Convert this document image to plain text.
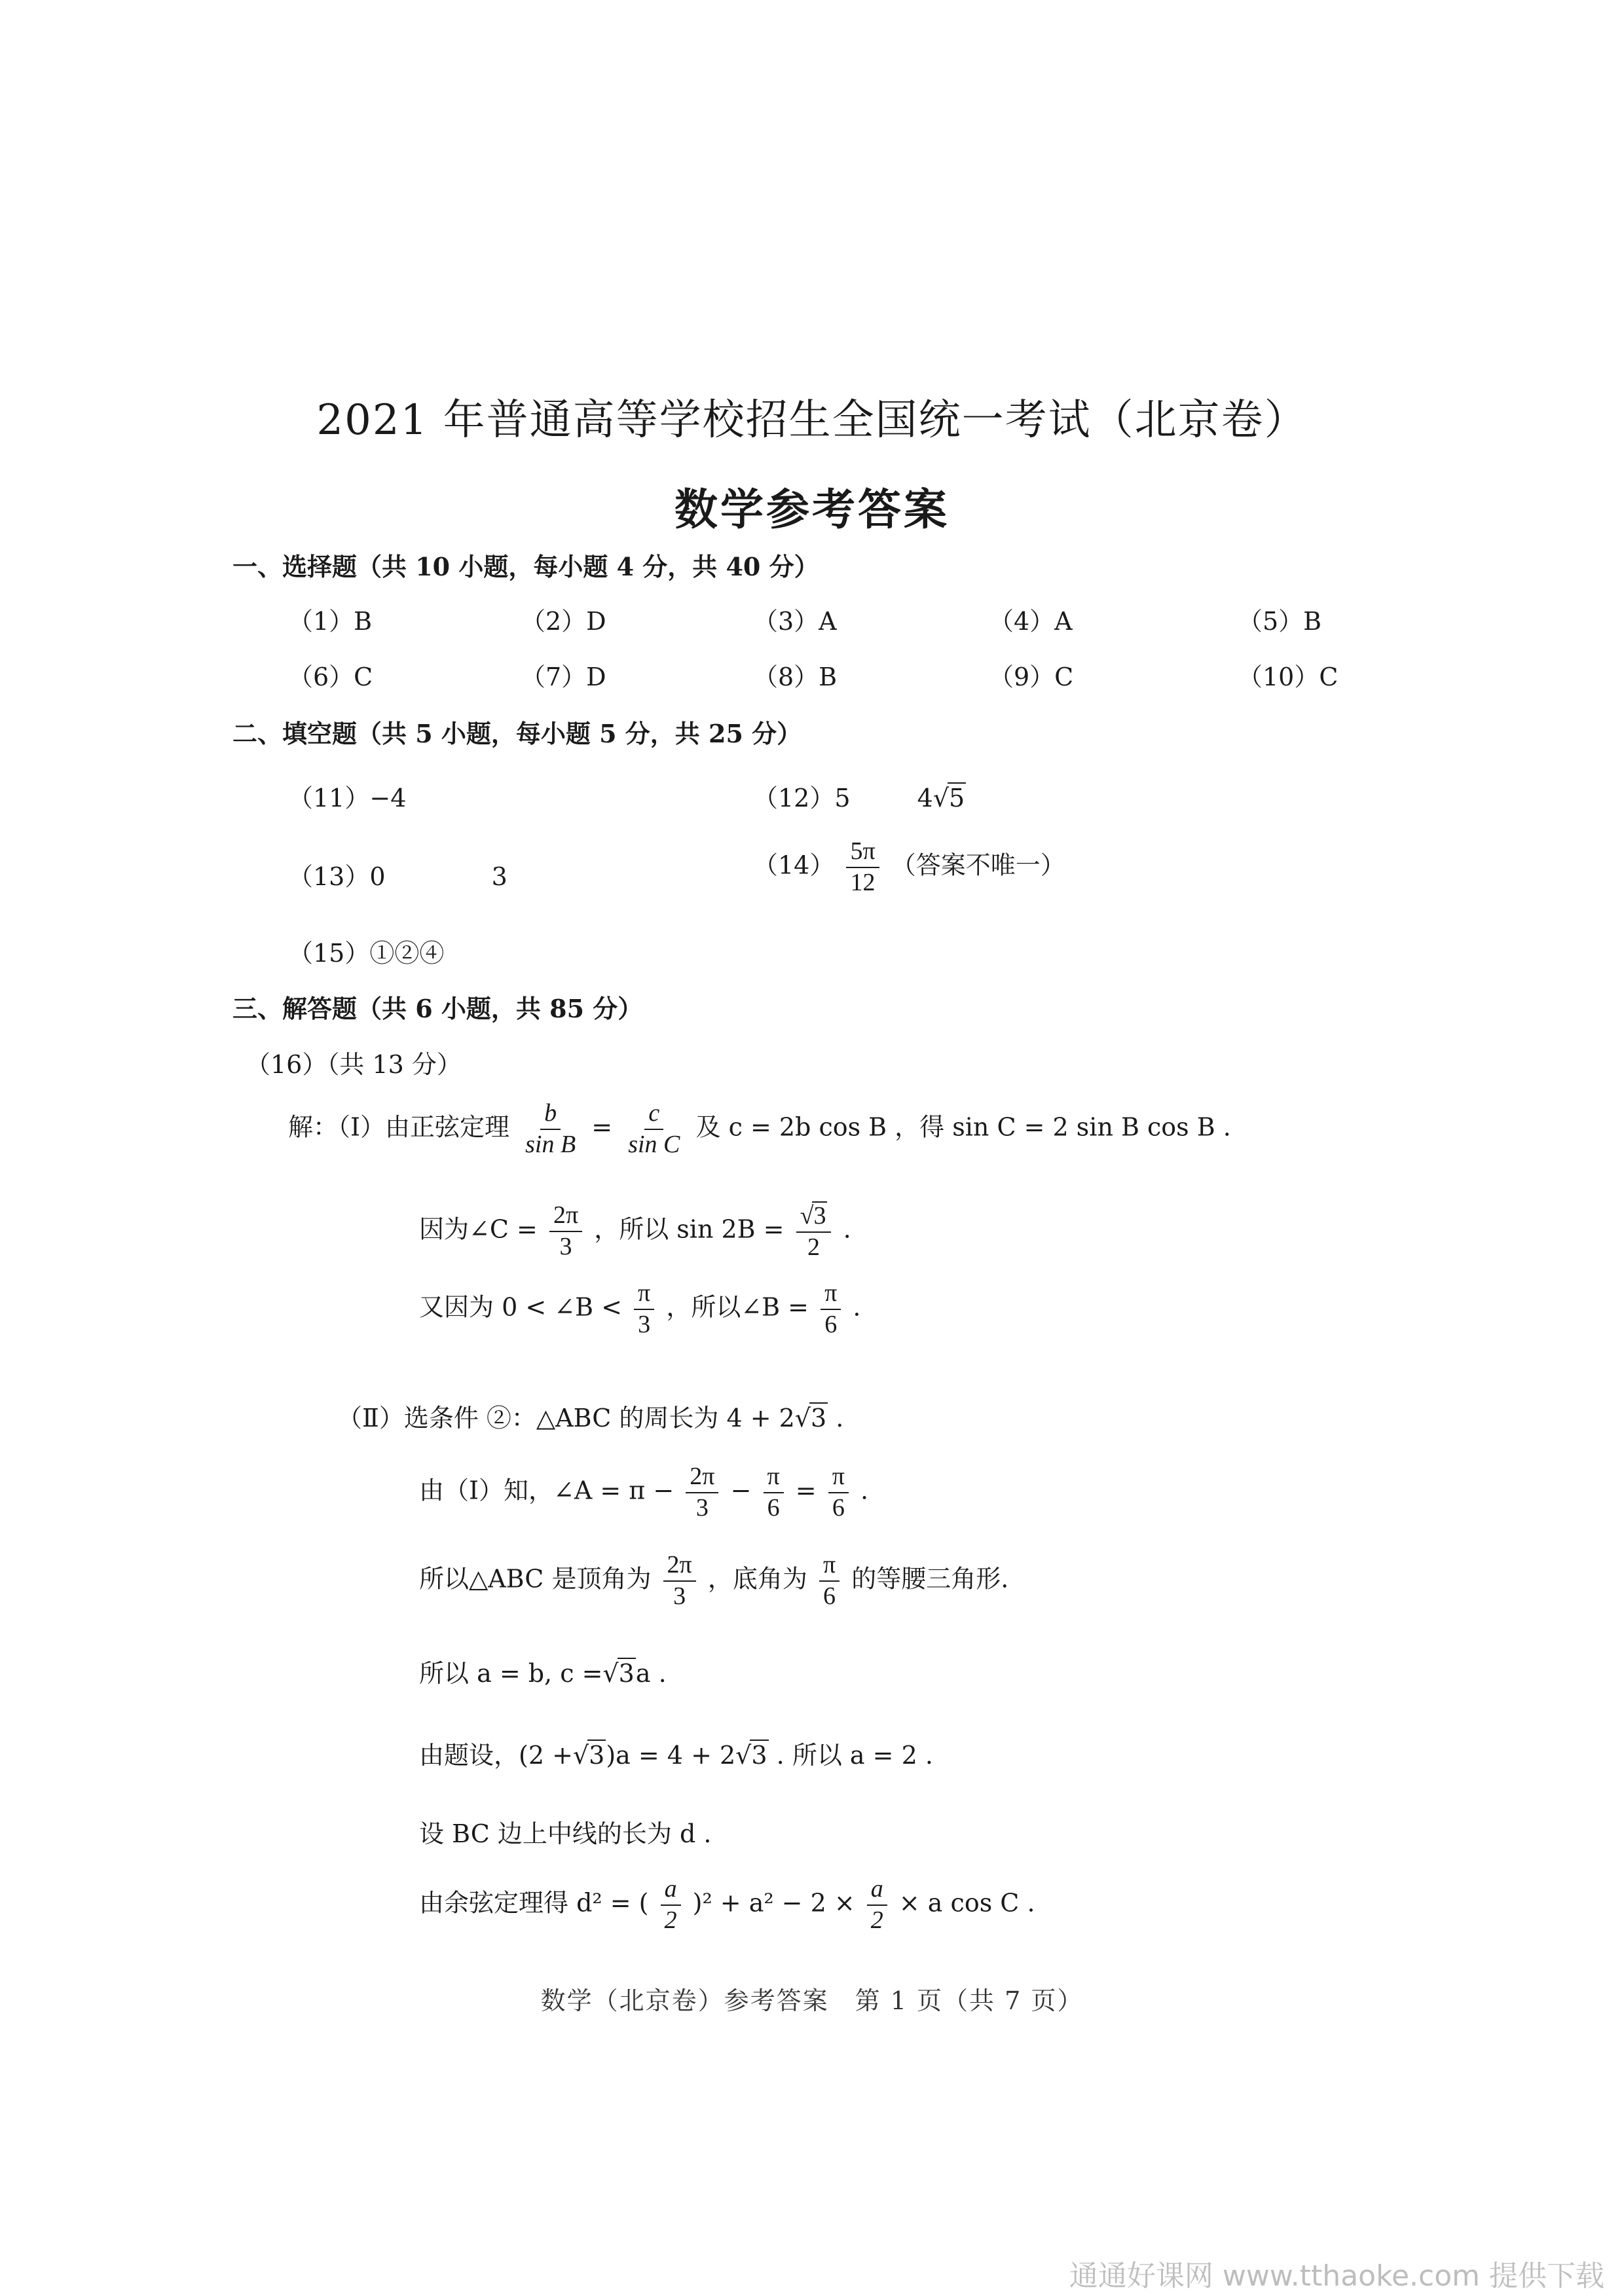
2021 年普通高等学校招生全国统一考试（北京卷）
数学参考答案
一、选择题（共 10 小题，每小题 4 分，共 40 分）
（1）B	（2）D	（3）A	（4）A	（5）B
（6）C	（7）D	（8）B	（9）C	（10）C
二、填空题（共 5 小题，每小题 5 分，共 25 分）
（11）−4	（12）5	4√5
（13）0	3	$(14) \frac{5\pi}{12}$ （答案不唯一）
（15）①②④
三、解答题（共 6 小题，共 85 分）
（16）（共 13 分）
解：（Ⅰ）由正弦定理 $\frac{b}{\text{sin B}} = \frac{c}{\text{sin C}}$ 及 c = 2b cos B ，得 sin C = 2 sin B cos B .
因为∠C = $\frac{2\pi}{3}$ ，所以 $\sin 2B = \frac{√3}{2}$ .
又因为 0 < ∠B < $\frac{\pi}{3}$ ，所以∠B = $\frac{\pi}{6}$ .
（Ⅱ）选条件 ②：△ABC 的周长为 4 + 2√3 .
由（Ⅰ）知，∠A = $\pi - \frac{2\pi}{3} - \frac{\pi}{6} = \frac{\pi}{6}$ .
所以△ABC 是顶角为 $\frac{2\pi}{3}$ ，底角为 $\frac{\pi}{6}$ 的等腰三角形.
所以 a = b, c =√3a .
由题设，(2 +√3)a = 4 + 2√3 . 所以 a = 2 .
设 BC 边上中线的长为 d .
由余弦定理得 d² = ( $\frac{a}{2} )^2 + a^2 - 2 \times \frac{a}{2} \times a$ cos C .
数学（北京卷）参考答案　第 1 页（共 7 页）
通通好课网 www.tthaoke.com 提供下载
